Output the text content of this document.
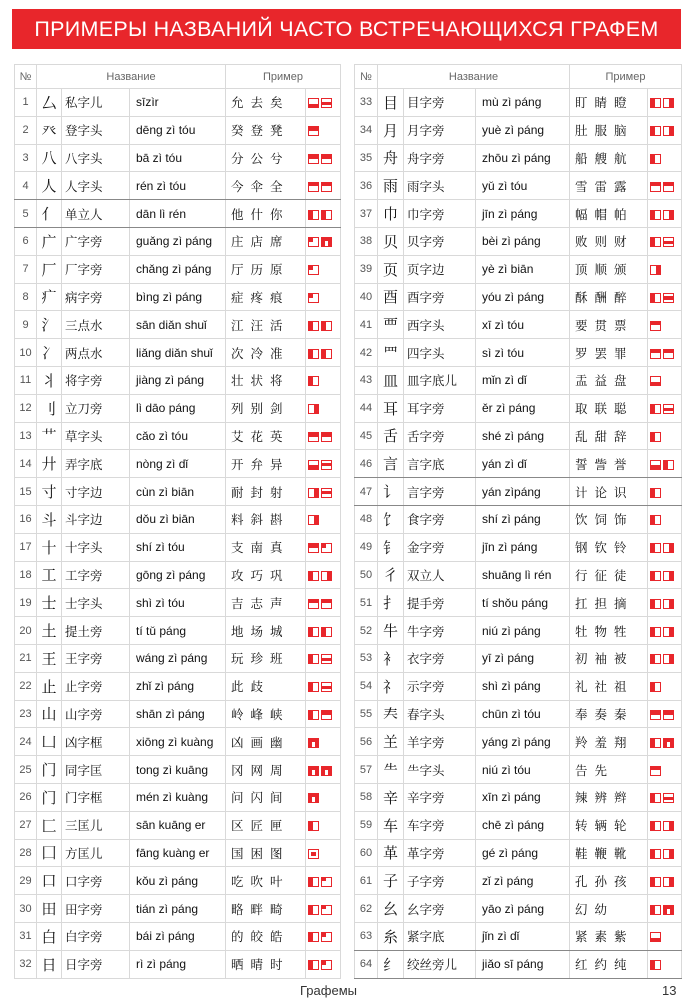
ПРИМЕРЫ НАЗВАНИЙ ЧАСТО ВСТРЕЧАЮЩИХСЯ ГРАФЕМ
№	Название			Пример	
1	厶	私字儿	sīzìr	允去矣	

2	癶	登字头	dēng zì tóu	癸登凳	

3	八	八字头	bā zì tóu	分公兮	

4	人	人字头	rén zì tóu	今伞全	

5	亻	单立人	dān lì rén	他什你	

6	广	广字旁	guǎng zì páng	庄店席	

7	厂	厂字旁	chǎng zì páng	厅历原	

8	疒	病字旁	bìng zì páng	症疼痕	

9	氵	三点水	sān diǎn shuǐ	江汪活	

10	冫	两点水	liǎng diǎn shuǐ	次冷准	

11	丬	将字旁	jiàng zì páng	壮状将	

12	刂	立刀旁	lì dāo páng	列别剑	

13	艹	草字头	cǎo zì tóu	艾花英	

14	廾	弄字底	nòng zì dǐ	开弁异	

15	寸	寸字边	cùn zì biān	耐封射	

16	斗	斗字边	dǒu zì biān	料斜斟	

17	十	十字头	shí zì tóu	支南真	

18	工	工字旁	gōng zì páng	攻巧巩	

19	士	士字头	shì zì tóu	吉志声	

20	土	提土旁	tí tǔ páng	地场城	

21	王	王字旁	wáng zì páng	玩珍班	

22	止	止字旁	zhǐ zì páng	此歧	

23	山	山字旁	shān zì páng	岭峰峡	

24	凵	凶字框	xiōng zì kuàng	凶画幽	

25	门	同字匡	tong zì kuāng	冈网周	

26	门	门字框	mén zì kuàng	问闪间	

27	匚	三匡儿	sān kuāng er	区匠匣	

28	囗	方匡儿	fāng kuàng er	国困图	

29	口	口字旁	kǒu zì páng	吃吹叶	

30	田	田字旁	tián zì páng	略畔畸	

31	白	白字旁	bái zì páng	的皎皓	

32	日	日字旁	rì zì páng	晒晴时	
№	Название			Пример	
33	目	目字旁	mù zì páng	盯睛瞪	

34	月	月字旁	yuè zì páng	肚服脑	

35	舟	舟字旁	zhōu zì páng	船艘航	

36	雨	雨字头	yǔ zì tóu	雪雷露	

37	巾	巾字旁	jīn zì páng	幅帽帕	

38	贝	贝字旁	bèi zì páng	败则财	

39	页	页字边	yè zì biān	顶顺颁	

40	酉	酉字旁	yóu zì páng	酥酬醉	

41	覀	西字头	xī zì tóu	要贯票	

42	罒	四字头	sì zì tóu	罗罢罪	

43	皿	皿字底儿	mǐn zì dǐ	盂益盘	

44	耳	耳字旁	ěr zì páng	取联聪	

45	舌	舌字旁	shé zì páng	乱甜辞	

46	言	言字底	yán zì dǐ	誓訾誉	

47	讠	言字旁	yán zìpáng	计论识	

48	饣	食字旁	shí zì páng	饮饲饰	

49	钅	金字旁	jīn zì páng	钢钦铃	

50	彳	双立人	shuāng lì rén	行征徒	

51	扌	提手旁	tí shǒu páng	扛担摘	

52	牛	牛字旁	niú zì páng	牡物牲	

53	衤	衣字旁	yī zì páng	初袖被	

54	礻	示字旁	shì zì páng	礼社祖	

55	𡗗	春字头	chūn zì tóu	奉奏秦	

56	𦍌	羊字旁	yáng zì páng	羚羞翔	

57	⺧	⺧字头	niú zì tóu	告先	

58	辛	辛字旁	xīn zì páng	辣辨辫	

59	车	车字旁	chē zì páng	转辆轮	

60	革	革字旁	gé zì páng	鞋鞭靴	

61	子	子字旁	zǐ zì páng	孔孙孩	

62	幺	幺字旁	yāo zì páng	幻幼	

63	糸	紧字底	jǐn zì dǐ	紧素紫	

64	纟	绞丝旁儿	jiǎo sī páng	红约纯	
Графемы	13
